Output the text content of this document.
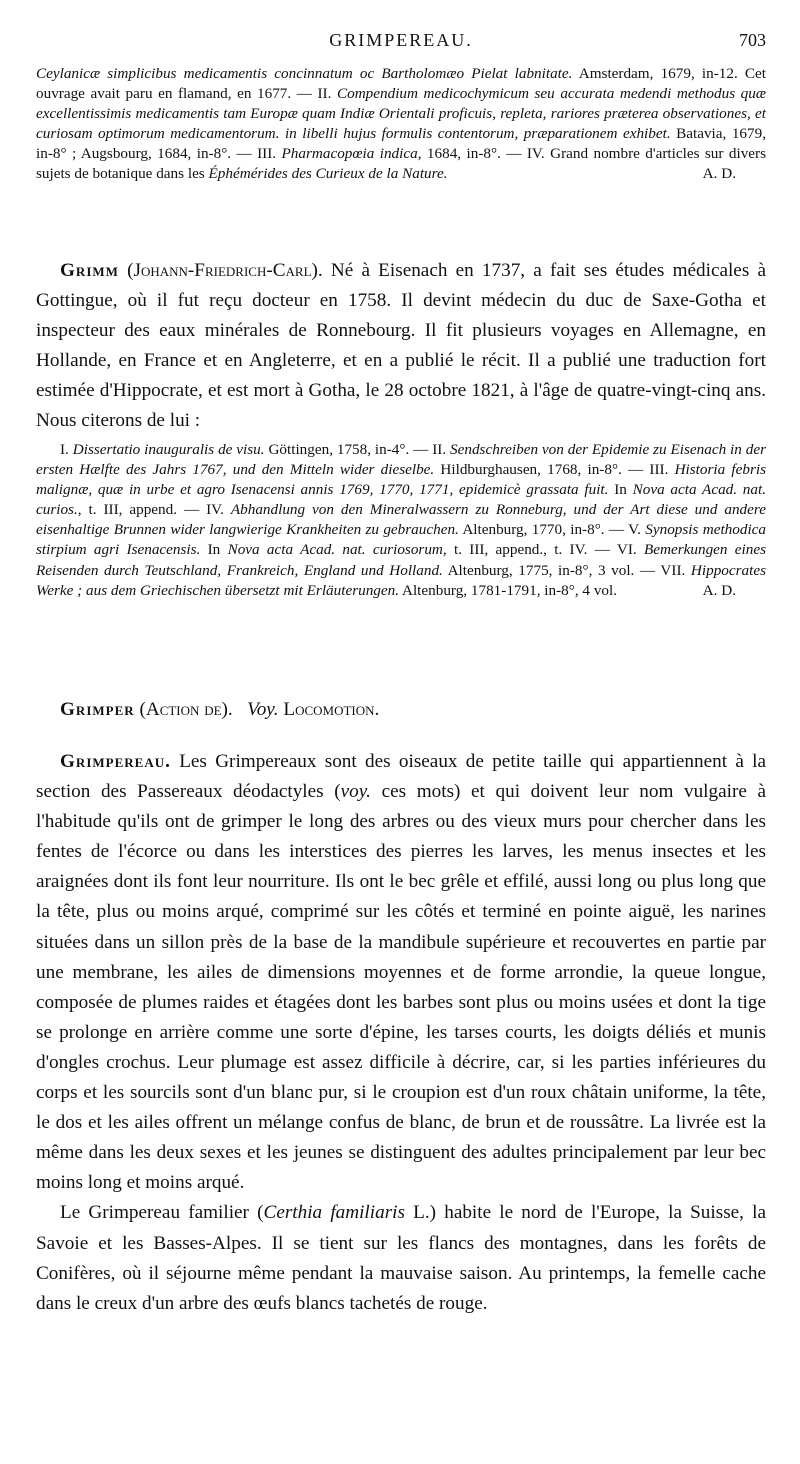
GRIMPEREAU.	703

Ceylanicæ simplicibus medicamentis concinnatum oc Bartholomæo Pielat labnitate. Amsterdam, 1679, in-12. Cet ouvrage avait paru en flamand, en 1677. — II. Compendium medicochymicum seu accurata medendi methodus quæ excellentissimis medicamentis tam Europæ quam Indiæ Orientali proficuis, repleta, rariores præterea observationes, et curiosam optimorum medicamentorum. in libelli hujus formulis contentorum, præparationem exhibet. Batavia, 1679, in-8° ; Augsbourg, 1684, in-8°. — III. Pharmacopœia indica, 1684, in-8°. — IV. Grand nombre d'articles sur divers sujets de botanique dans les Éphémérides des Curieux de la Nature.	A. D.

Grimm (Johann-Friedrich-Carl). Né à Eisenach en 1737, a fait ses études médicales à Gottingue, où il fut reçu docteur en 1758. Il devint médecin du duc de Saxe-Gotha et inspecteur des eaux minérales de Ronnebourg. Il fit plusieurs voyages en Allemagne, en Hollande, en France et en Angleterre, et en a publié le récit. Il a publié une traduction fort estimée d'Hippocrate, et est mort à Gotha, le 28 octobre 1821, à l'âge de quatre-vingt-cinq ans. Nous citerons de lui :

I. Dissertatio inauguralis de visu. Göttingen, 1758, in-4°. — II. Sendschreiben von der Epidemie zu Eisenach in der ersten Hælfte des Jahrs 1767, und den Mitteln wider dieselbe. Hildburghausen, 1768, in-8°. — III. Historia febris malignæ, quæ in urbe et agro Isenacensi annis 1769, 1770, 1771, epidemicè grassata fuit. In Nova acta Acad. nat. curios., t. III, append. — IV. Abhandlung von den Mineralwassern zu Ronneburg, und der Art diese und andere eisenhaltige Brunnen wider langwierige Krankheiten zu gebrauchen. Altenburg, 1770, in-8°. — V. Synopsis methodica stirpium agri Isenacensis. In Nova acta Acad. nat. curiosorum, t. III, append., t. IV. — VI. Bemerkungen eines Reisenden durch Teutschland, Frankreich, England und Holland. Altenburg, 1775, in-8°, 3 vol. — VII. Hippocrates Werke ; aus dem Griechischen übersetzt mit Erläuterungen. Altenburg, 1781-1791, in-8°, 4 vol.	A. D.

Grimper (Action de). Voy. Locomotion.

Grimpereau. Les Grimpereaux sont des oiseaux de petite taille qui appartiennent à la section des Passereaux déodactyles (voy. ces mots) et qui doivent leur nom vulgaire à l'habitude qu'ils ont de grimper le long des arbres ou des vieux murs pour chercher dans les fentes de l'écorce ou dans les interstices des pierres les larves, les menus insectes et les araignées dont ils font leur nourriture. Ils ont le bec grêle et effilé, aussi long ou plus long que la tête, plus ou moins arqué, comprimé sur les côtés et terminé en pointe aiguë, les narines situées dans un sillon près de la base de la mandibule supérieure et recouvertes en partie par une membrane, les ailes de dimensions moyennes et de forme arrondie, la queue longue, composée de plumes raides et étagées dont les barbes sont plus ou moins usées et dont la tige se prolonge en arrière comme une sorte d'épine, les tarses courts, les doigts déliés et munis d'ongles crochus. Leur plumage est assez difficile à décrire, car, si les parties inférieures du corps et les sourcils sont d'un blanc pur, si le croupion est d'un roux châtain uniforme, la tête, le dos et les ailes offrent un mélange confus de blanc, de brun et de roussâtre. La livrée est la même dans les deux sexes et les jeunes se distinguent des adultes principalement par leur bec moins long et moins arqué.

Le Grimpereau familier (Certhia familiaris L.) habite le nord de l'Europe, la Suisse, la Savoie et les Basses-Alpes. Il se tient sur les flancs des montagnes, dans les forêts de Conifères, où il séjourne même pendant la mauvaise saison. Au printemps, la femelle cache dans le creux d'un arbre des œufs blancs tachetés de rouge.
